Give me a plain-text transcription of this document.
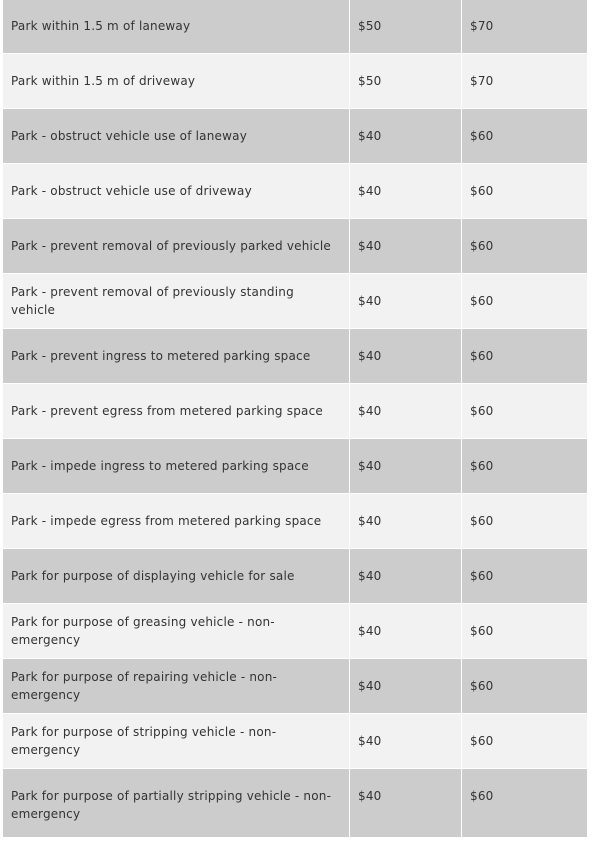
Park within 1.5 m of laneway	$50	$70
Park within 1.5 m of driveway	$50	$70
Park - obstruct vehicle use of laneway	$40	$60
Park - obstruct vehicle use of driveway	$40	$60
Park - prevent removal of previously parked vehicle	$40	$60
Park - prevent removal of previously standing vehicle	$40	$60
Park - prevent ingress to metered parking space	$40	$60
Park - prevent egress from metered parking space	$40	$60
Park - impede ingress to metered parking space	$40	$60
Park - impede egress from metered parking space	$40	$60
Park for purpose of displaying vehicle for sale	$40	$60
Park for purpose of greasing vehicle - non- emergency	$40	$60
Park for purpose of repairing vehicle - non-emergency	$40	$60
Park for purpose of stripping vehicle - non- emergency	$40	$60
Park for purpose of partially stripping vehicle - non-emergency	$40	$60
